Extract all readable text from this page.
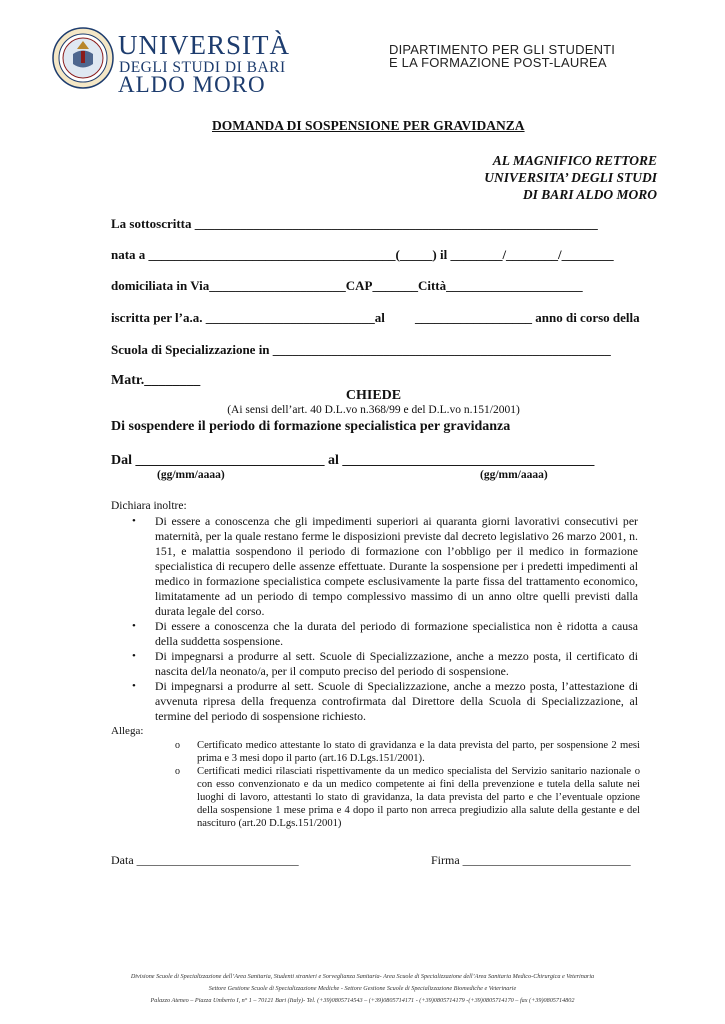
UNIVERSITÀ
DEGLI STUDI DI BARI
ALDO MORO
DIPARTIMENTO PER GLI STUDENTI
E LA FORMAZIONE POST-LAUREA
DOMANDA DI SOSPENSIONE PER GRAVIDANZA
AL MAGNIFICO RETTORE
UNIVERSITA’ DEGLI STUDI
DI BARI ALDO MORO
La sottoscritta ______________________________________________________________
nata a ______________________________________(_____) il ________/________/________
domiciliata in Via_____________________CAP_______Città_____________________
iscritta per l’a.a. __________________________al __________________ anno di corso della
Scuola di Specializzazione in ____________________________________________________
Matr.________
CHIEDE
(Ai sensi dell’art. 40 D.L.vo n.368/99 e del D.L.vo n.151/2001)
Di sospendere il periodo di formazione specialistica per gravidanza
Dal ___________________________ al ____________________________________
(gg/mm/aaaa)	(gg/mm/aaaa)
Dichiara inoltre:
• Di essere a conoscenza che gli impedimenti superiori ai quaranta giorni lavorativi consecutivi per maternità, per la quale restano ferme le disposizioni previste dal decreto legislativo 26 marzo 2001, n. 151, e malattia sospendono il periodo di formazione con l’obbligo per il medico in formazione specialistica di recupero delle assenze effettuate. Durante la sospensione per i predetti impedimenti al medico in formazione specialistica compete esclusivamente la parte fissa del trattamento economico, limitatamente ad un periodo di tempo complessivo massimo di un anno oltre quelli previsti dalla durata legale del corso.
• Di essere a conoscenza che la durata del periodo di formazione specialistica non è ridotta a causa della suddetta sospensione.
• Di impegnarsi a produrre al sett. Scuole di Specializzazione, anche a mezzo posta, il certificato di nascita del/la neonato/a, per il computo preciso del periodo di sospensione.
• Di impegnarsi a produrre al sett. Scuole di Specializzazione, anche a mezzo posta, l’attestazione di avvenuta ripresa della frequenza controfirmata dal Direttore della Scuola di Specializzazione, al termine del periodo di sospensione richiesto.
Allega:
o Certificato medico attestante lo stato di gravidanza e la data prevista del parto, per sospensione 2 mesi prima e 3 mesi dopo il parto (art.16 D.Lgs.151/2001).
o Certificati medici rilasciati rispettivamente da un medico specialista del Servizio sanitario nazionale o con esso convenzionato e da un medico competente ai fini della prevenzione e tutela della salute nei luoghi di lavoro, attestanti lo stato di gravidanza, la data prevista del parto e che l’eventuale opzione della sospensione 1 mese prima e 4 dopo il parto non arreca pregiudizio alla salute della gestante e del nascituro (art.20 D.Lgs.151/2001)
Data ___________________________	Firma ____________________________
Divisione Scuole di Specializzazione dell’Area Sanitaria, Studenti stranieri e Sorveglianza Sanitaria- Area Scuole di Specializzazione dell’Area Sanitaria Medico-Chirurgica e Veterinaria
Settore Gestione Scuole di Specializzazione Mediche - Settore Gestione Scuole di Specializzazione Biomediche e Veterinarie
Palazzo Ateneo – Piazza Umberto I, n° 1 – 70121 Bari (Italy)- Tel. (+39)0805714543 – (+39)0805714171 - (+39)0805714179 -(+39)0805714170 – fax (+39)0805714802
